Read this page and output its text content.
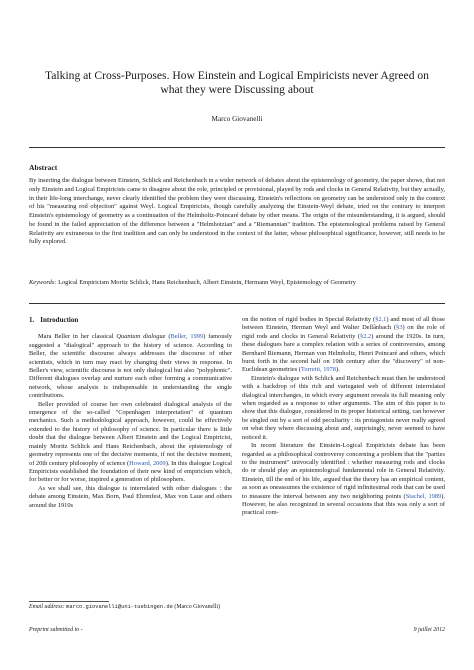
Talking at Cross-Purposes. How Einstein and Logical Empiricists never Agreed on what they were Discussing about
Marco Giovanelli
Abstract

By inserting the dialogue between Einstein, Schlick and Reichenbach in a wider network of debates about the epistemology of geometry, the paper shows, that not only Einstein and Logical Empiricists came to disagree about the role, principled or provisional, played by rods and clocks in General Relativity, but they actually, in their life-long interchange, never clearly identified the problem they were discussing. Einstein's reflections on geometry can be understood only in the context of his "measuring rod objection" against Weyl. Logical Empiricists, though carefully analyzing the Einstein-Weyl debate, tried on the contrary to interpret Einstein's epistemology of geometry as a continuation of the Helmholtz-Poincaré debate by other means. The origin of the misunderstanding, it is argued, should be found in the failed appreciation of the difference between a "Helmhotzian" and a "Riemannian" tradition. The epistemological problems raised by General Relativity are extraneous to the first tradition and can only be understood in the context of the latter, whose philosophical significance, however, still needs to be fully explored.

Keywords: Logical Empiricism Moritz Schlick, Hans Reichenbach, Albert Einstein, Hermann Weyl, Epistemology of Geometry

1. Introduction

Mara Beller in her classical Quantum dialogue (Beller, 1999) famously suggested a "dialogical" approach to the history of science. According to Beller, the scientific discourse always addresses the discourse of other scientists, which in turn may react by changing their views in response. In Beller's view, scientific discourse is not only dialogical but also "polyphonic". Different dialogues overlap and nurture each other forming a communicative network, whose analysis is indispensable in understanding the single contributions.

Beller provided of course her own celebrated dialogical analysis of the emergence of the so-called "Copenhagen interpretation" of quantum mechanics. Such a methodological approach, however, could be effectively extended to the history of philosophy of science. In particular there is little doubt that the dialogue between Albert Einstein and the Logical Empiricist, mainly Moritz Schlick and Hans Reichenbach, about the epistemology of geometry represents one of the decisive moments, if not the decisive moment, of 20th century philosophy of science (Howard, 2009). In this dialogue Logical Empiricists established the foundation of their new kind of empiricism which, for better or for worse, inspired a generation of philosophers.

As we shall see, this dialogue is interrelated with other dialogues : the debate among Einstein, Max Born, Paul Ehrenfest, Max von Laue and others around the 1910s

on the notion of rigid bodies in Special Relativity (§2.1) and most of all those between Einstein, Herman Weyl and Walter Dellânbach (§3) on the role of rigid rods and clocks in General Relativity (§2.2) around the 1920s. In turn, these dialogues bare a complex relation with a series of controversies, among Bernhard Riemann, Herman von Helmholtz, Henri Poincaré and others, which burst forth in the second half on 19th century after the "discovery" of non-Euclidean geometries (Torretti, 1978).

Einstein's dialogue with Schlick and Reichenbach must then be understood with a backdrop of this rich and variegated web of different interrelated dialogical interchanges, in which every argument reveals its full meaning only when regarded as a response to other arguments. The aim of this paper is to show that this dialogue, considered in its proper historical setting, can however be singled out by a sort of odd peculiarity : its protagonists never really agreed on what they where discussing about and, surprisingly, never seemed to have noticed it.

In recent literature the Einstein-Logical Empiricists debate has been regarded as a philosophical controversy concerning a problem that the "parties to the instrument" univocally identified : whether measuring rods and clocks do or should play an epistemological fundamental role in General Relativity. Einstein, till the end of his life, argued that the theory has an empirical content, as soon as oneassumes the existence of rigid infinitesimal rods that can be used to measure the interval between any two neighboring points (Stachel, 1989). However, he also recognized in several occasions that this was only a sort of practical com-

Email address: marco.giovanelli@uni-tuebingen.de (Marco Giovanelli)
Preprint submitted to -	9 juillet 2012
